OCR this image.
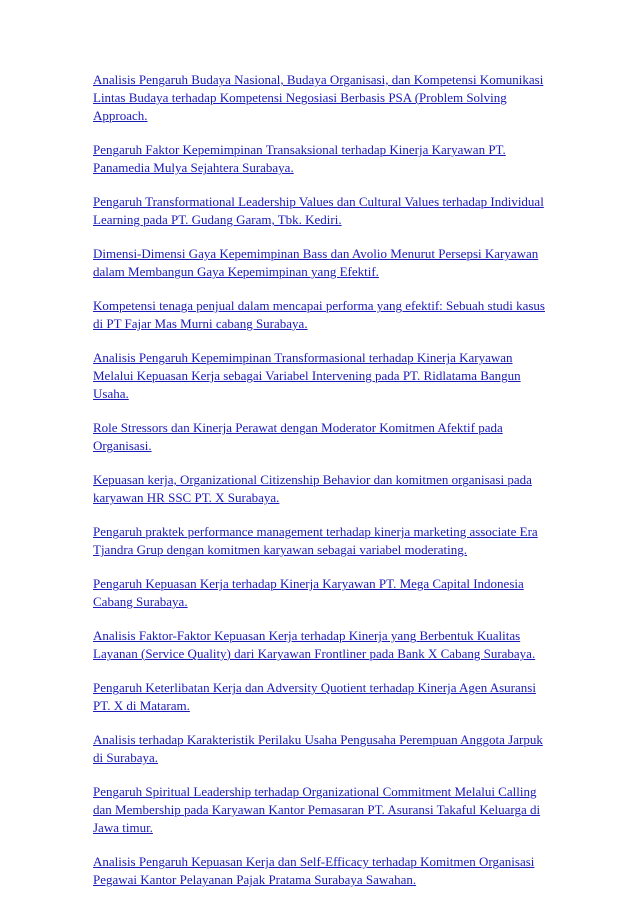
Analisis Pengaruh Budaya Nasional, Budaya Organisasi, dan Kompetensi Komunikasi Lintas Budaya terhadap Kompetensi Negosiasi Berbasis PSA (Problem Solving Approach.
Pengaruh Faktor Kepemimpinan Transaksional terhadap Kinerja Karyawan PT. Panamedia Mulya Sejahtera Surabaya.
Pengaruh Transformational Leadership Values dan Cultural Values terhadap Individual Learning pada PT. Gudang Garam, Tbk. Kediri.
Dimensi-Dimensi Gaya Kepemimpinan Bass dan Avolio Menurut Persepsi Karyawan dalam Membangun Gaya Kepemimpinan yang Efektif.
Kompetensi tenaga penjual dalam mencapai performa yang efektif: Sebuah studi kasus di PT Fajar Mas Murni cabang Surabaya.
Analisis Pengaruh Kepemimpinan Transformasional terhadap Kinerja Karyawan Melalui Kepuasan Kerja sebagai Variabel Intervening pada PT. Ridlatama Bangun Usaha.
Role Stressors dan Kinerja Perawat dengan Moderator Komitmen Afektif pada Organisasi.
Kepuasan kerja, Organizational Citizenship Behavior dan komitmen organisasi pada karyawan HR SSC PT. X Surabaya.
Pengaruh praktek performance management terhadap kinerja marketing associate Era Tjandra Grup dengan komitmen karyawan sebagai variabel moderating.
Pengaruh Kepuasan Kerja terhadap Kinerja Karyawan PT. Mega Capital Indonesia Cabang Surabaya.
Analisis Faktor-Faktor Kepuasan Kerja terhadap Kinerja yang Berbentuk Kualitas Layanan (Service Quality) dari Karyawan Frontliner pada Bank X Cabang Surabaya.
Pengaruh Keterlibatan Kerja dan Adversity Quotient terhadap Kinerja Agen Asuransi PT. X di Mataram.
Analisis terhadap Karakteristik Perilaku Usaha Pengusaha Perempuan Anggota Jarpuk di Surabaya.
Pengaruh Spiritual Leadership terhadap Organizational Commitment Melalui Calling dan Membership pada Karyawan Kantor Pemasaran PT. Asuransi Takaful Keluarga di Jawa timur.
Analisis Pengaruh Kepuasan Kerja dan Self-Efficacy terhadap Komitmen Organisasi Pegawai Kantor Pelayanan Pajak Pratama Surabaya Sawahan.
